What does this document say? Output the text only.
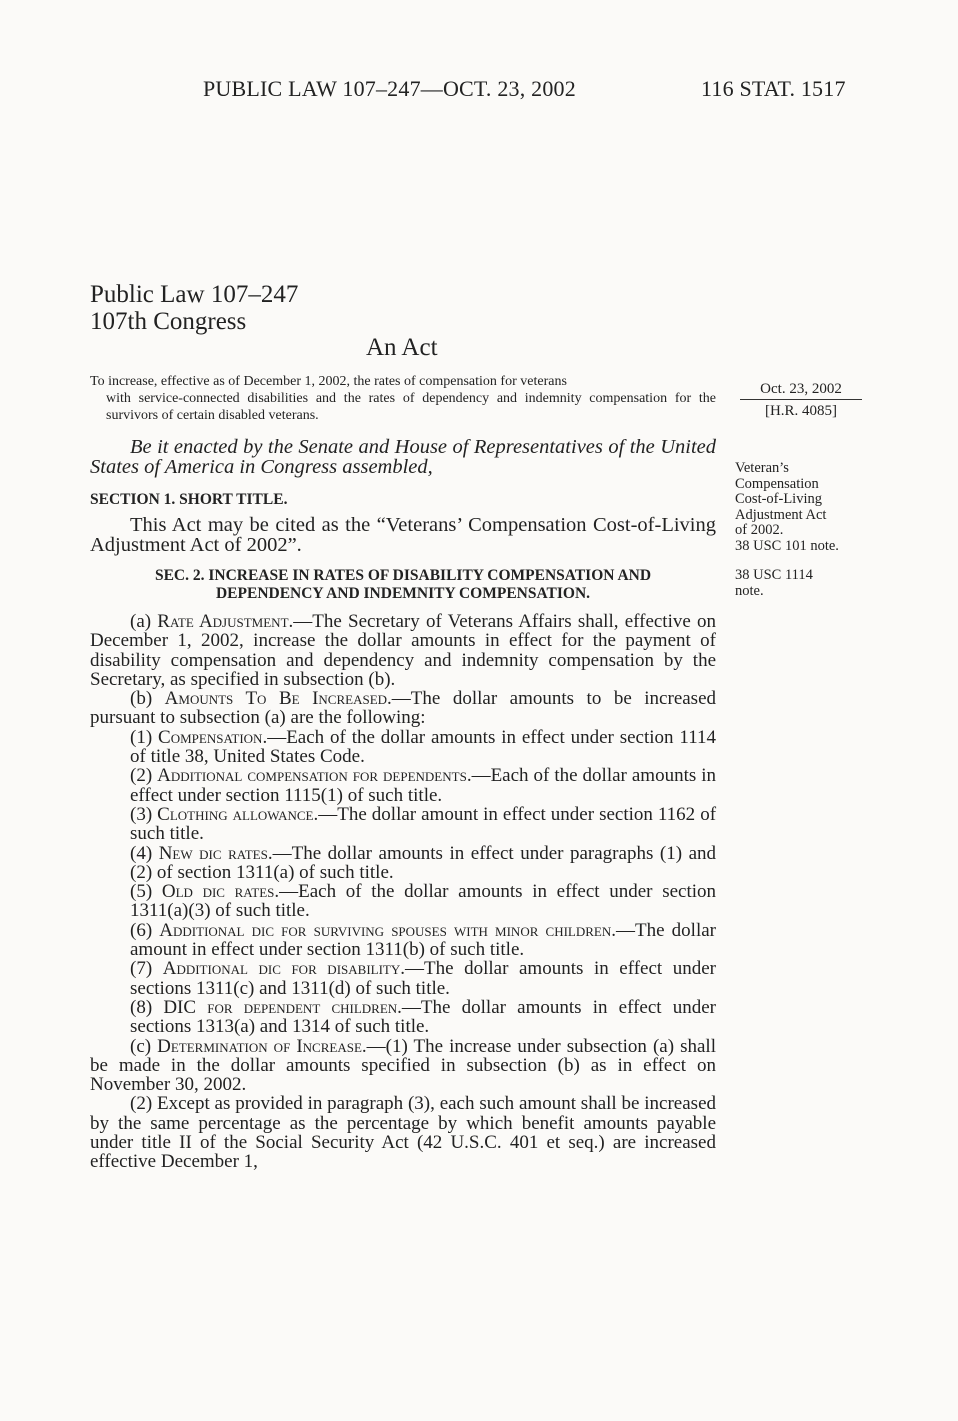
PUBLIC LAW 107–247—OCT. 23, 2002	116 STAT. 1517
Public Law 107–247
107th Congress
An Act
To increase, effective as of December 1, 2002, the rates of compensation for veterans
with service-connected disabilities and the rates of dependency and indemnity compensation for the survivors of certain disabled veterans.
Oct. 23, 2002
[H.R. 4085]
Be it enacted by the Senate and House of Representatives of the United States of America in Congress assembled,
SECTION 1. SHORT TITLE.
This Act may be cited as the “Veterans’ Compensation Cost-of-Living Adjustment Act of 2002”.
Veteran’s
Compensation
Cost-of-Living
Adjustment Act
of 2002.
38 USC 101 note.
SEC. 2. INCREASE IN RATES OF DISABILITY COMPENSATION AND
DEPENDENCY AND INDEMNITY COMPENSATION.
38 USC 1114
note.

(a) Rate Adjustment.—The Secretary of Veterans Affairs shall, effective on December 1, 2002, increase the dollar amounts in effect for the payment of disability compensation and dependency and indemnity compensation by the Secretary, as specified in subsection (b).

(b) Amounts To Be Increased.—The dollar amounts to be increased pursuant to subsection (a) are the following:

(1) Compensation.—Each of the dollar amounts in effect under section 1114 of title 38, United States Code.

(2) Additional compensation for dependents.—Each of the dollar amounts in effect under section 1115(1) of such title.

(3) Clothing allowance.—The dollar amount in effect under section 1162 of such title.

(4) New dic rates.—The dollar amounts in effect under paragraphs (1) and (2) of section 1311(a) of such title.

(5) Old dic rates.—Each of the dollar amounts in effect under section 1311(a)(3) of such title.

(6) Additional dic for surviving spouses with minor children.—The dollar amount in effect under section 1311(b) of such title.

(7) Additional dic for disability.—The dollar amounts in effect under sections 1311(c) and 1311(d) of such title.

(8) DIC for dependent children.—The dollar amounts in effect under sections 1313(a) and 1314 of such title.

(c) Determination of Increase.—(1) The increase under subsection (a) shall be made in the dollar amounts specified in subsection (b) as in effect on November 30, 2002.

(2) Except as provided in paragraph (3), each such amount shall be increased by the same percentage as the percentage by which benefit amounts payable under title II of the Social Security Act (42 U.S.C. 401 et seq.) are increased effective December 1,
